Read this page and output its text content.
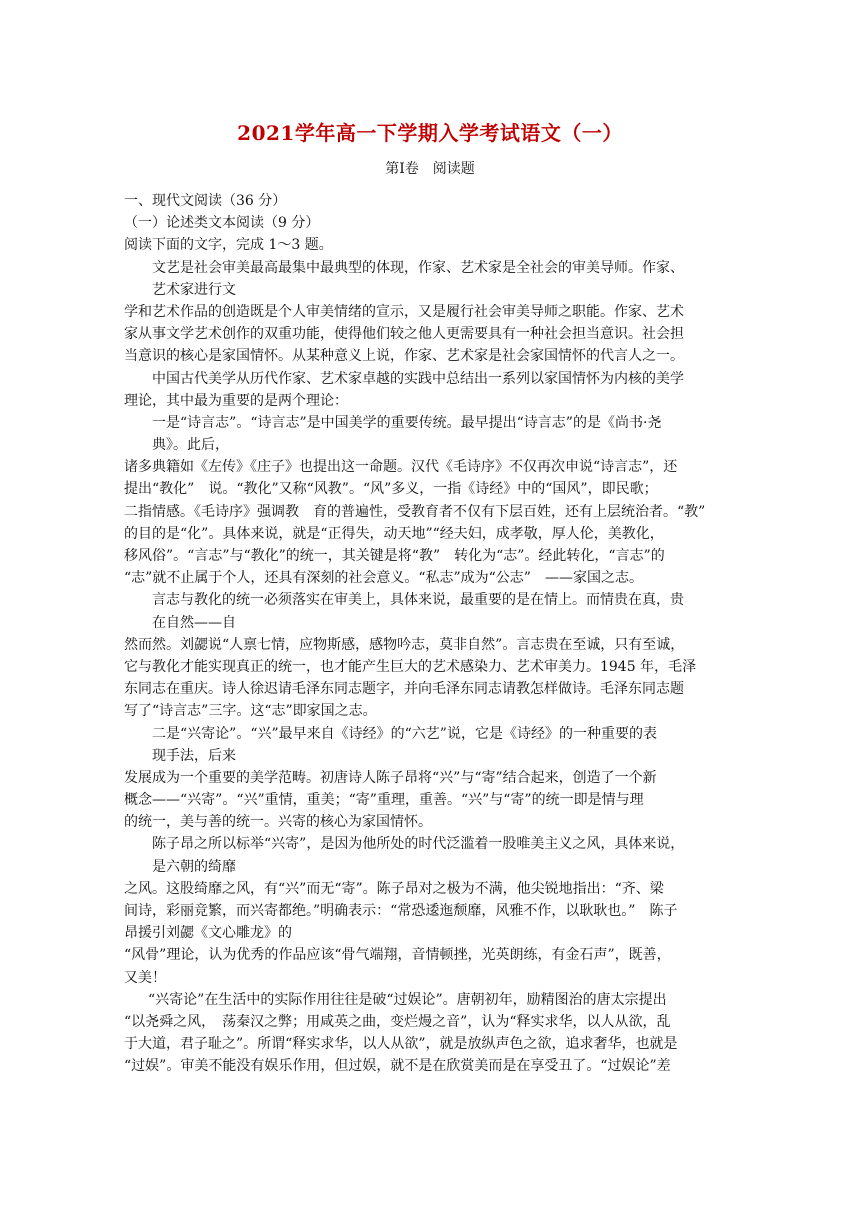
2021学年高一下学期入学考试语文（一）
第Ⅰ卷　阅读题
一、现代文阅读（36 分）
（一）论述类文本阅读（9 分）
阅读下面的文字，完成 1～3 题。
文艺是社会审美最高最集中最典型的体现，作家、艺术家是全社会的审美导师。作家、
艺术家进行文
学和艺术作品的创造既是个人审美情绪的宣示，又是履行社会审美导师之职能。作家、艺术
家从事文学艺术创作的双重功能，使得他们较之他人更需要具有一种社会担当意识。社会担
当意识的核心是家国情怀。从某种意义上说，作家、艺术家是社会家国情怀的代言人之一。
中国古代美学从历代作家、艺术家卓越的实践中总结出一系列以家国情怀为内核的美学
理论，其中最为重要的是两个理论：
一是“诗言志”。“诗言志”是中国美学的重要传统。最早提出“诗言志”的是《尚书·尧
典》。此后，
诸多典籍如《左传》《庄子》也提出这一命题。汉代《毛诗序》不仅再次申说“诗言志”，还
提出“教化”　说。“教化”又称“风教”。“风”多义，一指《诗经》中的“国风”，即民歌；
二指情感。《毛诗序》强调教　育的普遍性，受教育者不仅有下层百姓，还有上层统治者。“教”
的目的是“化”。具体来说，就是“正得失，动天地”“经夫妇，成孝敬，厚人伦，美教化，
移风俗”。“言志”与“教化”的统一，其关键是将“教”　转化为“志”。经此转化，“言志”的
“志”就不止属于个人，还具有深刻的社会意义。“私志”成为“公志”　——家国之志。
言志与教化的统一必须落实在审美上，具体来说，最重要的是在情上。而情贵在真，贵
在自然——自
然而然。刘勰说“人禀七情，应物斯感，感物吟志，莫非自然”。言志贵在至诚，只有至诚，
它与教化才能实现真正的统一，也才能产生巨大的艺术感染力、艺术审美力。1945 年，毛泽
东同志在重庆。诗人徐迟请毛泽东同志题字，并向毛泽东同志请教怎样做诗。毛泽东同志题
写了“诗言志”三字。这“志”即家国之志。
二是“兴寄论”。“兴”最早来自《诗经》的“六艺”说，它是《诗经》的一种重要的表
现手法，后来
发展成为一个重要的美学范畴。初唐诗人陈子昂将“兴”与“寄”结合起来，创造了一个新
概念——“兴寄”。“兴”重情，重美；“寄”重理，重善。“兴”与“寄”的统一即是情与理
的统一，美与善的统一。兴寄的核心为家国情怀。
陈子昂之所以标举“兴寄”，是因为他所处的时代泛滥着一股唯美主义之风，具体来说，
是六朝的绮靡
之风。这股绮靡之风，有“兴”而无“寄”。陈子昂对之极为不满，他尖锐地指出：“齐、梁
间诗，彩丽竞繁，而兴寄都绝。”明确表示：“常恐逶迤颓靡，风雅不作，以耿耿也。”　陈子
昂援引刘勰《文心雕龙》的
“风骨”理论，认为优秀的作品应该“骨气端翔，音情顿挫，光英朗练，有金石声”，既善，
又美！
“兴寄论”在生活中的实际作用往往是破“过娱论”。唐朝初年，励精图治的唐太宗提出
“以尧舜之风，　荡秦汉之弊；用咸英之曲，变烂熳之音”，认为“释实求华，以人从欲，乱
于大道，君子耻之”。所谓“释实求华，以人从欲”，就是放纵声色之欲，追求奢华，也就是
“过娱”。审美不能没有娱乐作用，但过娱，就不是在欣赏美而是在享受丑了。“过娱论”差
